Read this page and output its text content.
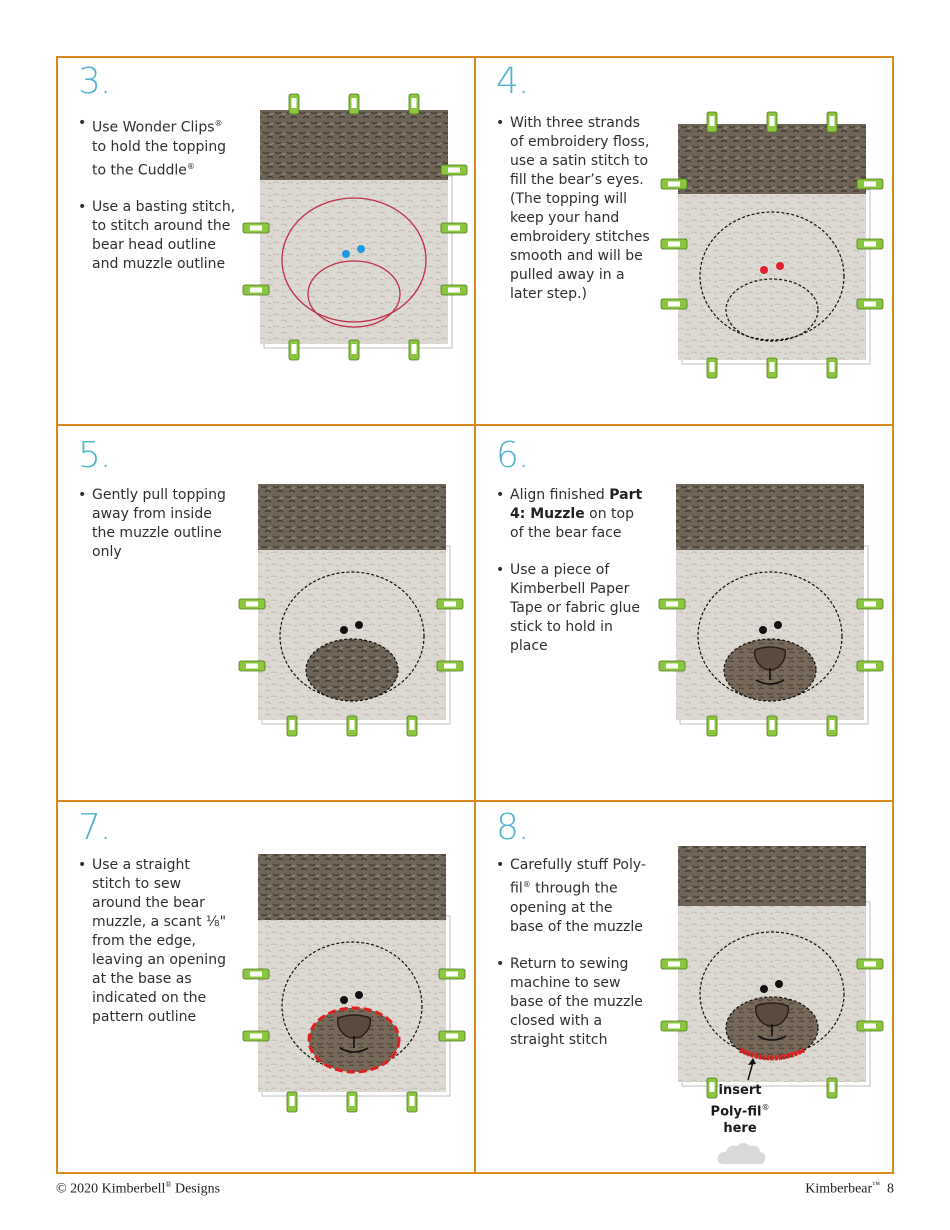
3.
• Use Wonder Clips® to hold the topping to the Cuddle®
• Use a basting stitch, to stitch around the bear head outline and muzzle outline
4.
• With three strands of embroidery floss, use a satin stitch to fill the bear’s eyes. (The topping will keep your hand embroidery stitches smooth and will be pulled away in a later step.)
5.
• Gently pull topping away from inside the muzzle outline only
6.
• Align finished Part 4: Muzzle on top of the bear face
• Use a piece of Kimberbell Paper Tape or fabric glue stick to hold in place
7.
• Use a straight stitch to sew around the bear muzzle, a scant ⅛" from the edge, leaving an opening at the base as indicated on the pattern outline
8.
• Carefully stuff Poly-fil® through the opening at the base of the muzzle
• Return to sewing machine to sew base of the muzzle closed with a straight stitch
insert
Poly-fil®
here
© 2020 Kimberbell® Designs	Kimberbear™ 8
